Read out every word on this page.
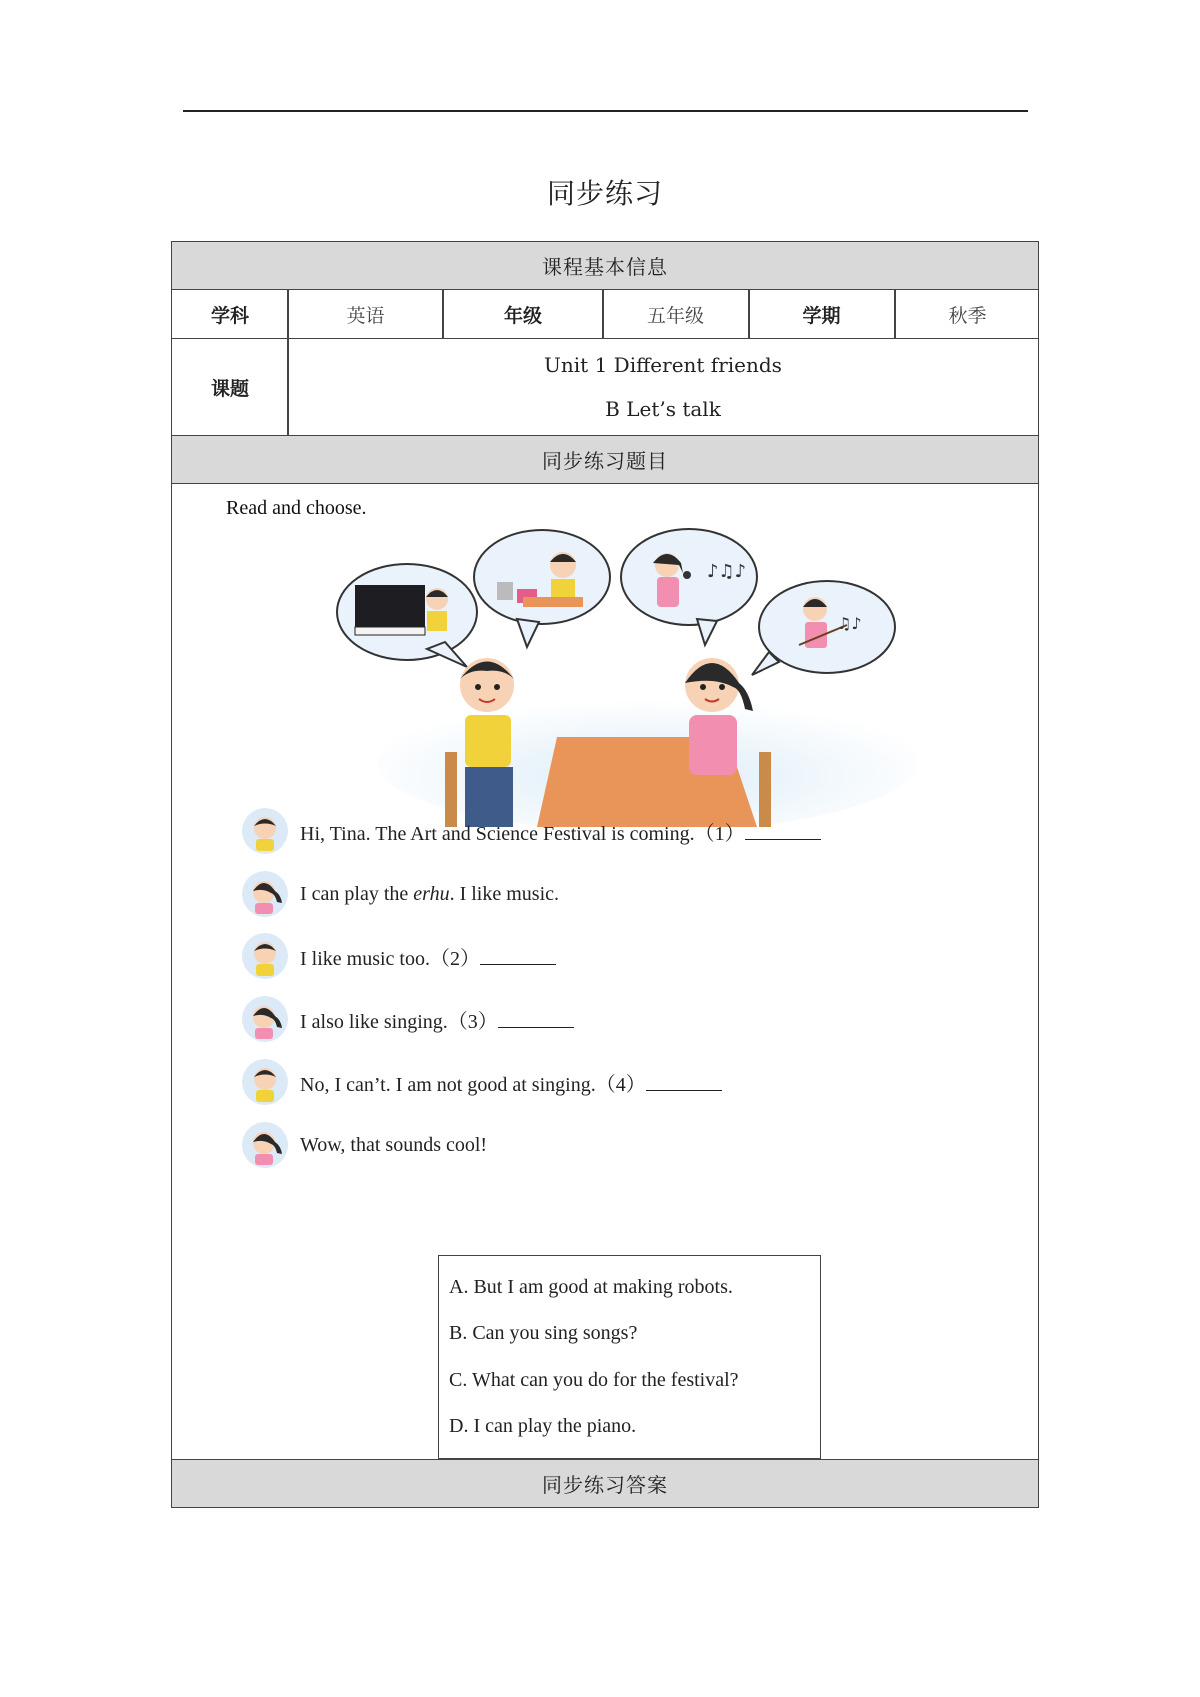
同步练习
课程基本信息
学科	英语	年级	五年级	学期	秋季
课题
Unit 1 Different friends
B Let’s talk
同步练习题目
Read and choose.
♪♫♪
♫♪
Hi, Tina. The Art and Science Festival is coming.（1）
I can play the erhu. I like music.
I like music too.（2）
I also like singing.（3）
No, I can’t. I am not good at singing.（4）
Wow, that sounds cool!
A. But I am good at making robots.
B. Can you sing songs?
C. What can you do for the festival?
D. I can play the piano.
同步练习答案
